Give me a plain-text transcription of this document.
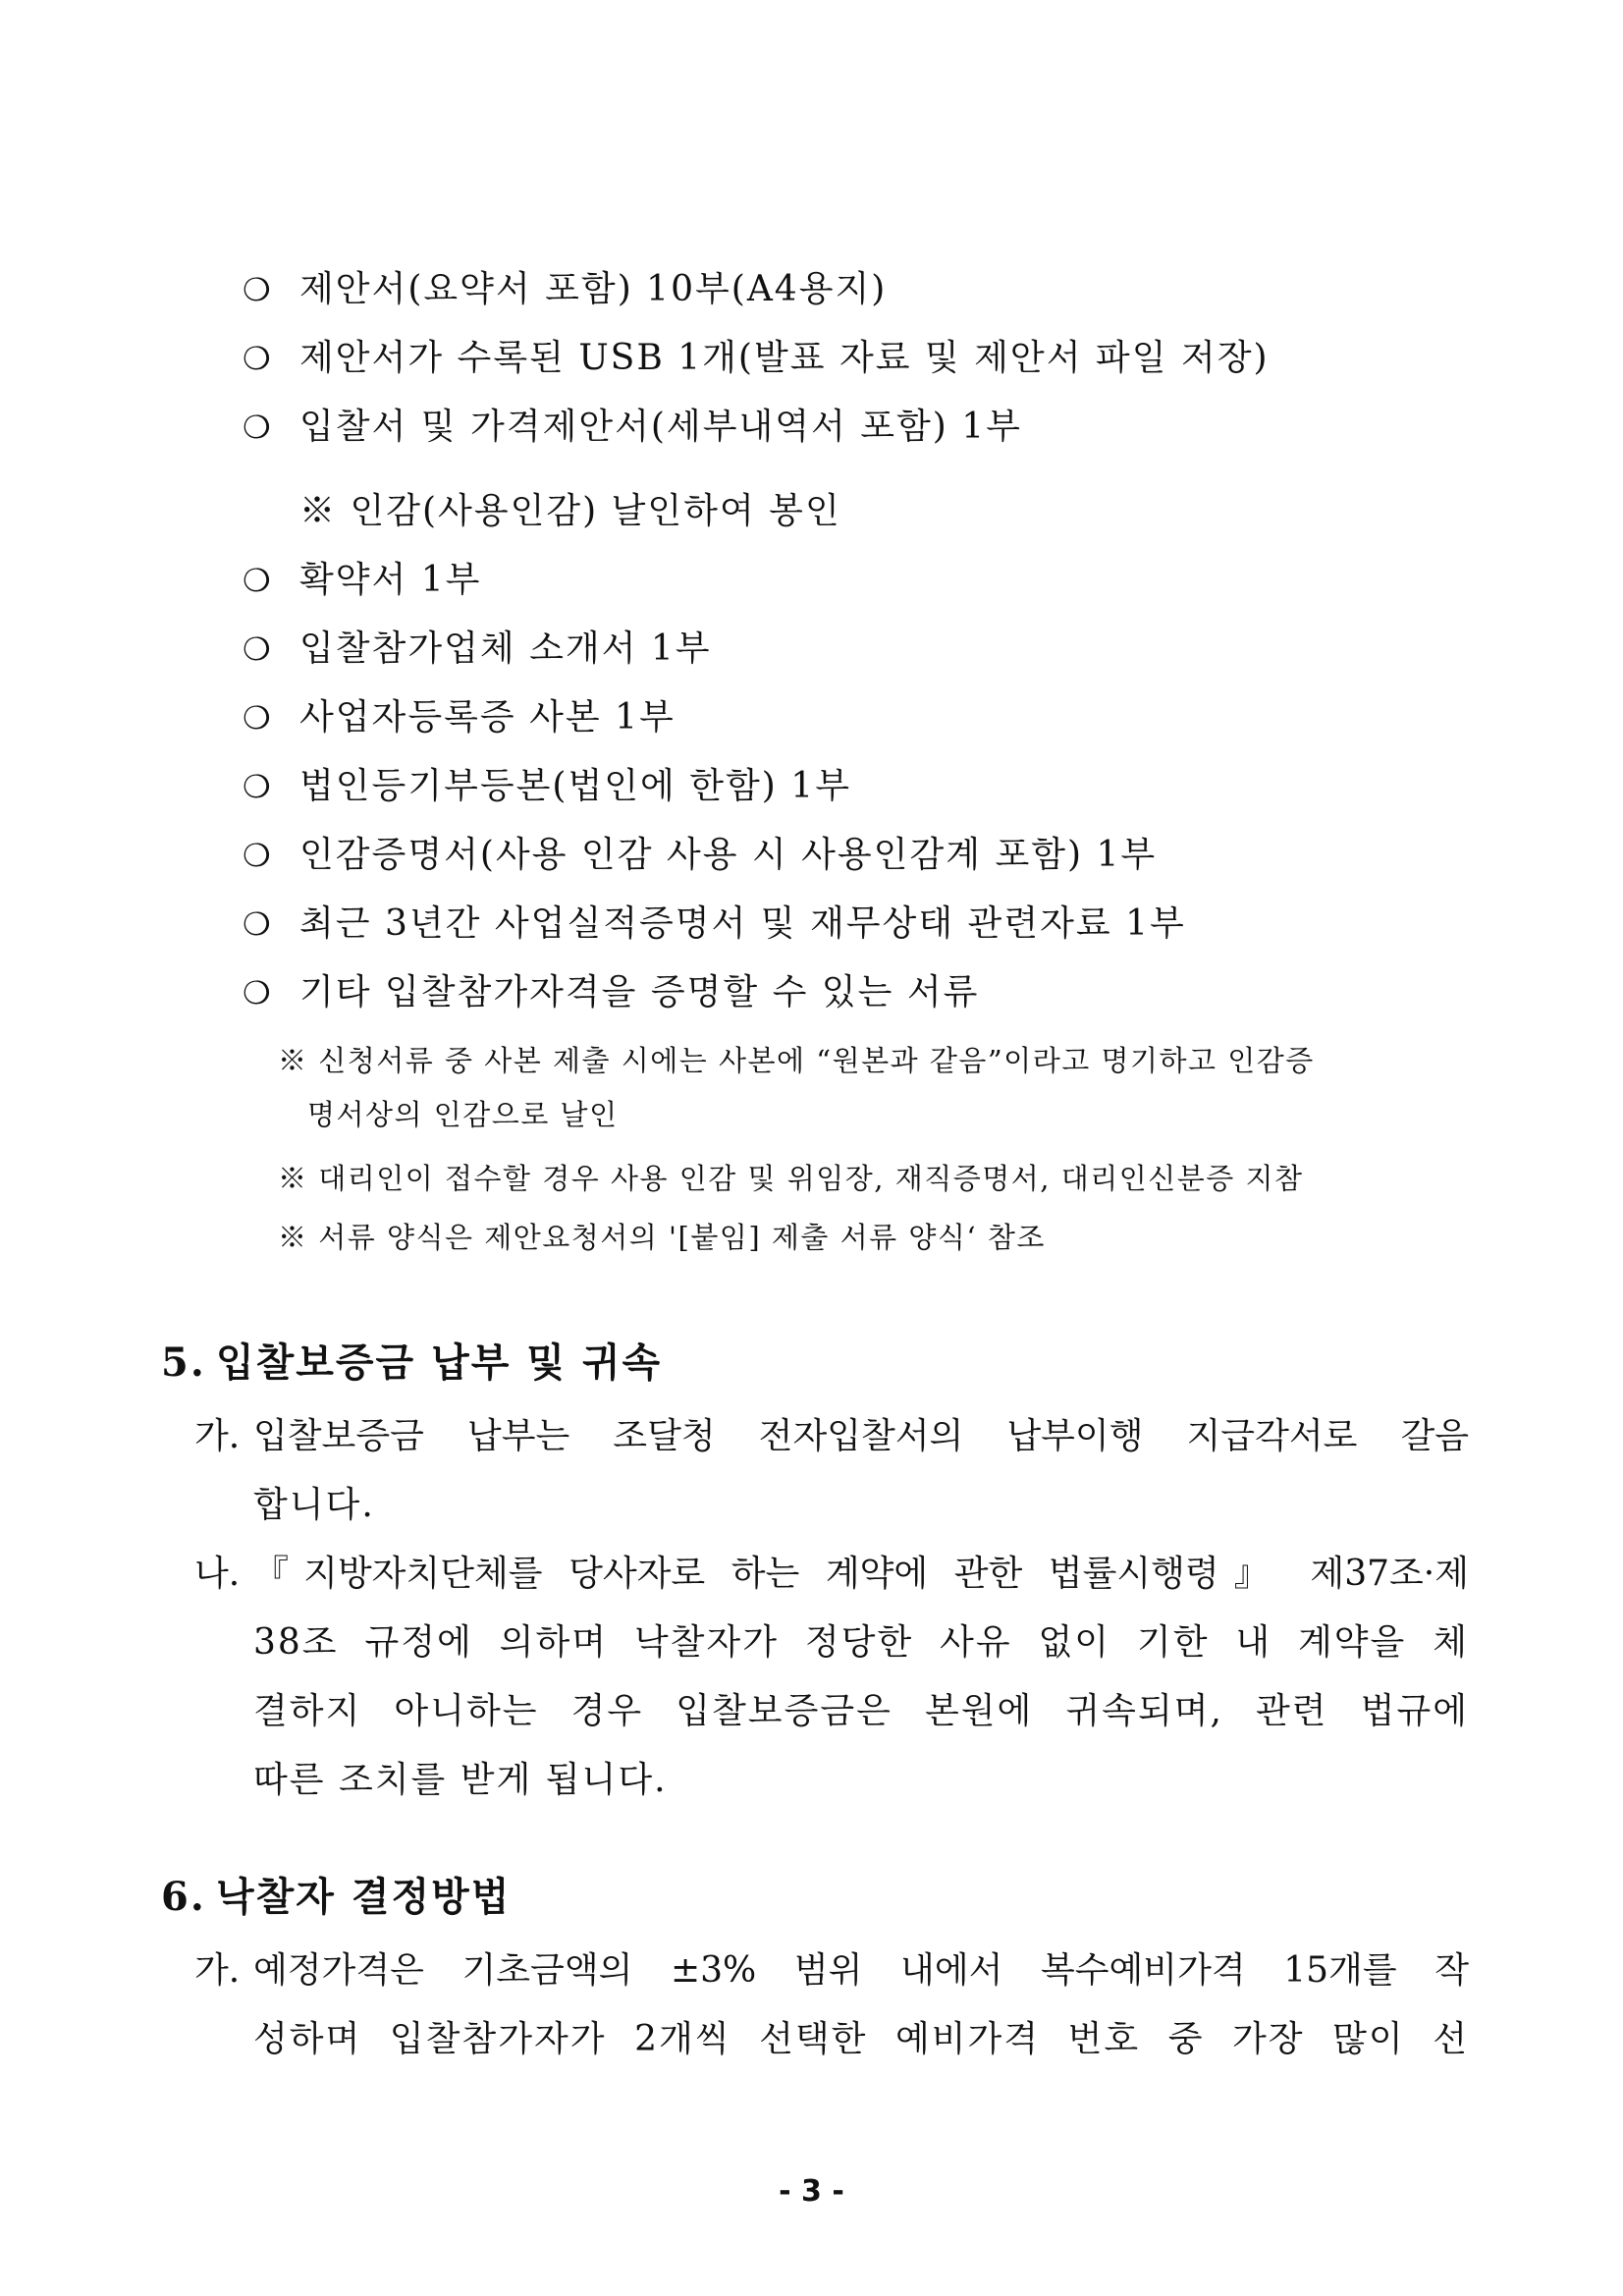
❍ 제안서(요약서 포함) 10부(A4용지)
❍ 제안서가 수록된 USB 1개(발표 자료 및 제안서 파일 저장)
❍ 입찰서 및 가격제안서(세부내역서 포함) 1부
※ 인감(사용인감) 날인하여 봉인
❍ 확약서 1부
❍ 입찰참가업체 소개서 1부
❍ 사업자등록증 사본 1부
❍ 법인등기부등본(법인에 한함) 1부
❍ 인감증명서(사용 인감 사용 시 사용인감계 포함) 1부
❍ 최근 3년간 사업실적증명서 및 재무상태 관련자료 1부
❍ 기타 입찰참가자격을 증명할 수 있는 서류
※ 신청서류 중 사본 제출 시에는 사본에 “원본과 같음”이라고 명기하고 인감증
명서상의 인감으로 날인
※ 대리인이 접수할 경우 사용 인감 및 위임장, 재직증명서, 대리인신분증 지참
※ 서류 양식은 제안요청서의 '[붙임] 제출 서류 양식‘ 참조
5. 입찰보증금 납부 및 귀속
가. 입찰보증금 납부는 조달청 전자입찰서의 납부이행 지급각서로 갈음
합니다.
나. 『지방자치단체를 당사자로 하는 계약에 관한 법률시행령』 제37조·제
38조 규정에 의하며 낙찰자가 정당한 사유 없이 기한 내 계약을 체
결하지 아니하는 경우 입찰보증금은 본원에 귀속되며, 관련 법규에
따른 조치를 받게 됩니다.
6. 낙찰자 결정방법
가. 예정가격은 기초금액의 ±3% 범위 내에서 복수예비가격 15개를 작
성하며 입찰참가자가 2개씩 선택한 예비가격 번호 중 가장 많이 선
- 3 -
